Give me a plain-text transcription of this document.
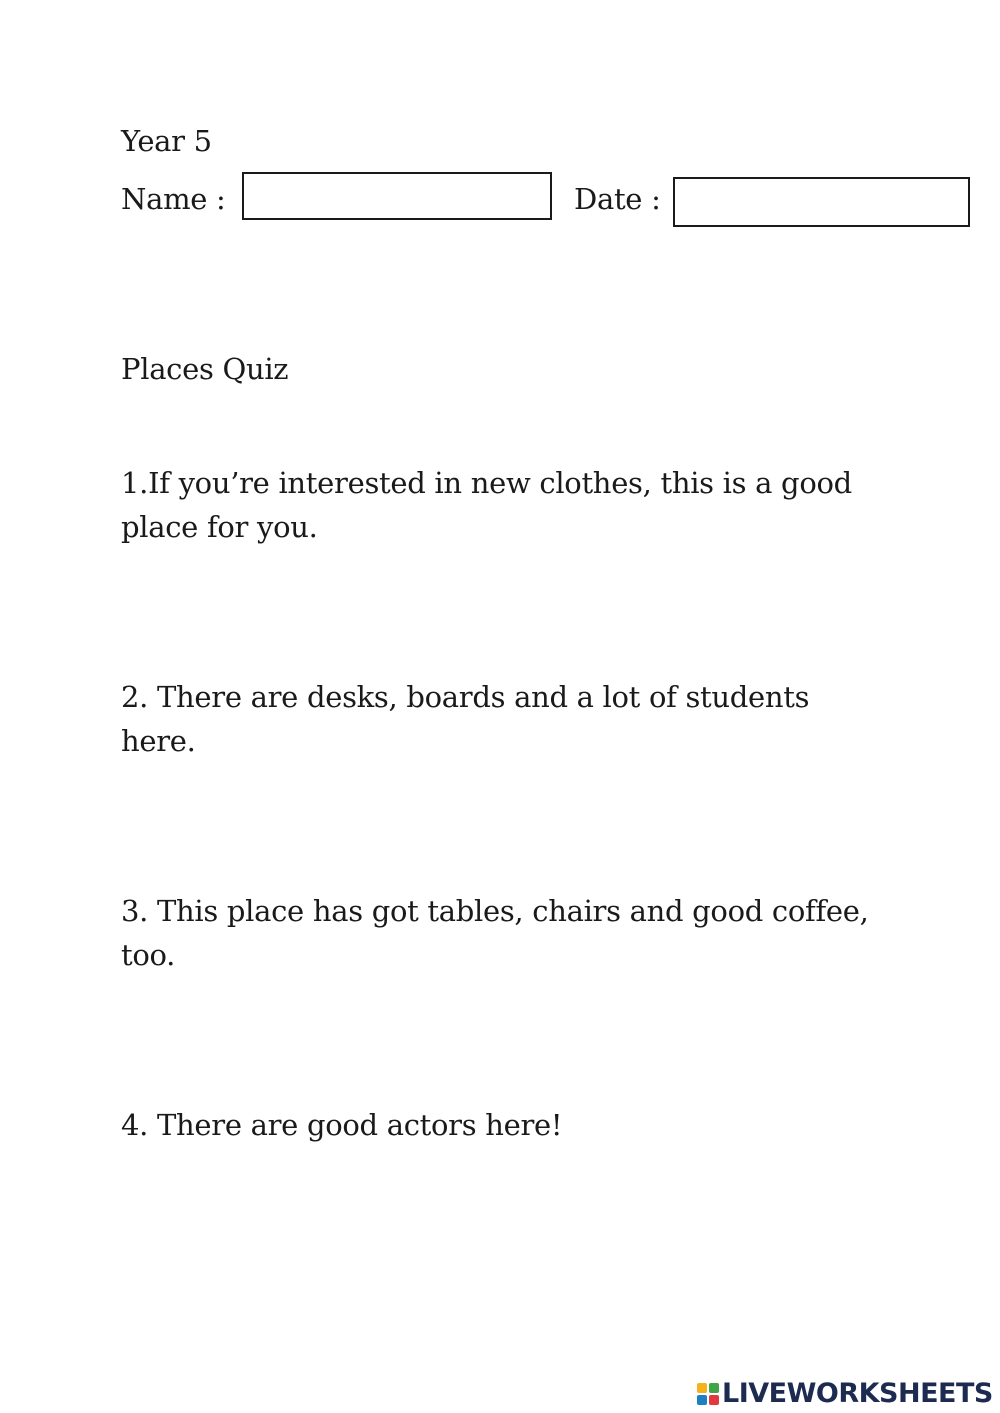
Year 5
Name :	Date :
Places Quiz
1.If you’re interested in new clothes, this is a good place for you.
2. There are desks, boards and a lot of students here.
3. This place has got tables, chairs and good coffee, too.
4. There are good actors here!
LIVEWORKSHEETS
